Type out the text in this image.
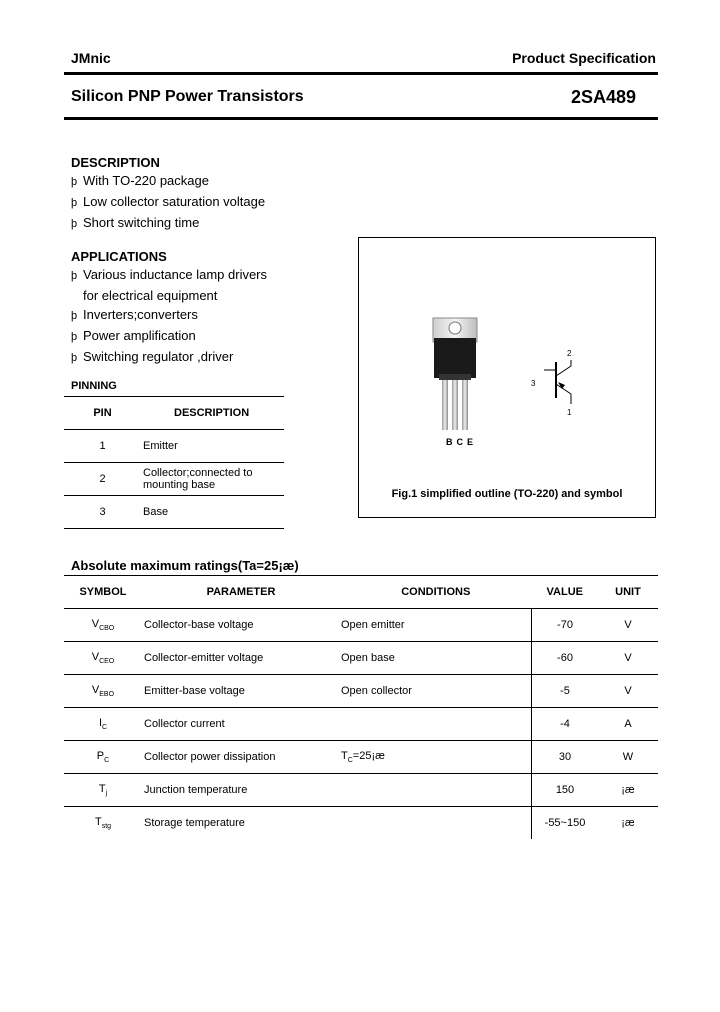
JMnic	Product Specification
Silicon PNP Power Transistors	2SA489
DESCRIPTION
þ With TO-220 package
þ Low collector saturation voltage
þ Short switching time
APPLICATIONS
þ Various inductance lamp drivers
for electrical equipment
þ Inverters;converters
þ Power amplification
þ Switching regulator ,driver
PINNING
PIN	DESCRIPTION
1	Emitter
2	Collector;connected to
mounting base

3	Base
BCE
2
3
1
Fig.1 simplified outline (TO-220) and symbol
Absolute maximum ratings(Ta=25¡æ)
SYMBOL	PARAMETER	CONDITIONS	VALUE	UNIT
$V_{CBO}$	Collector-base voltage	Open emitter	-70	V
$V_{CEO}$	Collector-emitter voltage	Open base	-60	V
$V_{EBO}$	Emitter-base voltage	Open collector	-5	V
$I_C$	Collector current		-4	A
$P_C$	Collector power dissipation	$T_C=25¡æ$	30	W
$T_j$	Junction temperature		150	¡æ
$T_{stg}$	Storage temperature		-55~150	¡æ
